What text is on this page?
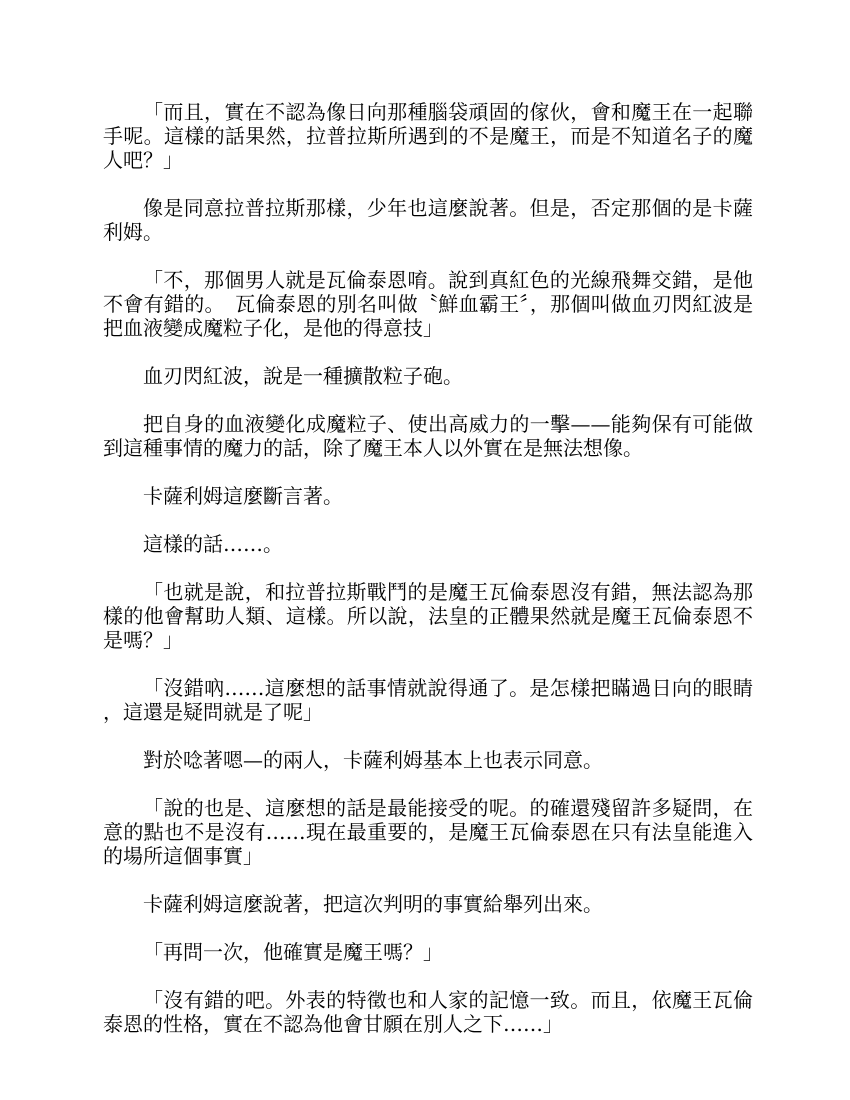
「而且，實在不認為像日向那種腦袋頑固的傢伙，會和魔王在一起聯手呢。這樣的話果然，拉普拉斯所遇到的不是魔王，而是不知道名子的魔人吧？」

像是同意拉普拉斯那樣，少年也這麼說著。但是，否定那個的是卡薩利姆。

「不，那個男人就是瓦倫泰恩唷。說到真紅色的光線飛舞交錯，是他不會有錯的。　瓦倫泰恩的別名叫做〝鮮血霸王〞，那個叫做血刃閃紅波是把血液變成魔粒子化，是他的得意技」

血刃閃紅波，說是一種擴散粒子砲。

把自身的血液變化成魔粒子、使出高威力的一擊——能夠保有可能做到這種事情的魔力的話，除了魔王本人以外實在是無法想像。

卡薩利姆這麼斷言著。

這樣的話……。

「也就是說，和拉普拉斯戰鬥的是魔王瓦倫泰恩沒有錯，無法認為那樣的他會幫助人類、這樣。所以說，法皇的正體果然就是魔王瓦倫泰恩不是嗎？」

「沒錯吶……這麼想的話事情就說得通了。是怎樣把瞞過日向的眼睛，這還是疑問就是了呢」

對於唸著嗯—的兩人，卡薩利姆基本上也表示同意。

「說的也是、這麼想的話是最能接受的呢。的確還殘留許多疑問，在意的點也不是沒有……現在最重要的，是魔王瓦倫泰恩在只有法皇能進入的場所這個事實」

卡薩利姆這麼說著，把這次判明的事實給舉列出來。

「再問一次，他確實是魔王嗎？」

「沒有錯的吧。外表的特徵也和人家的記憶一致。而且，依魔王瓦倫泰恩的性格，實在不認為他會甘願在別人之下……」
